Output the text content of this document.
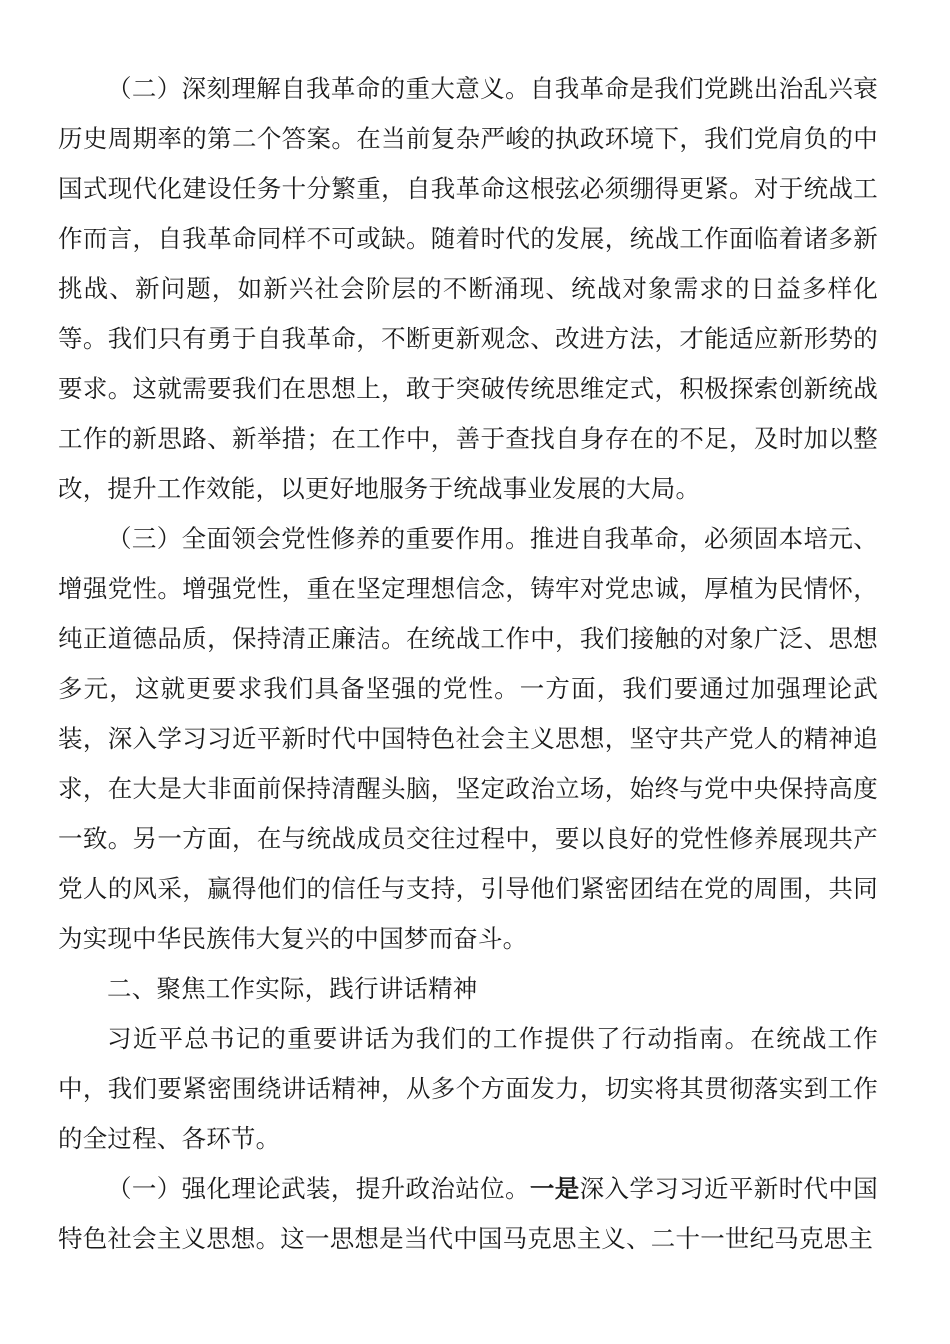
（二）深刻理解自我革命的重大意义。自我革命是我们党跳出治乱兴衰历史周期率的第二个答案。在当前复杂严峻的执政环境下，我们党肩负的中国式现代化建设任务十分繁重，自我革命这根弦必须绷得更紧。对于统战工作而言，自我革命同样不可或缺。随着时代的发展，统战工作面临着诸多新挑战、新问题，如新兴社会阶层的不断涌现、统战对象需求的日益多样化等。我们只有勇于自我革命，不断更新观念、改进方法，才能适应新形势的要求。这就需要我们在思想上，敢于突破传统思维定式，积极探索创新统战工作的新思路、新举措；在工作中，善于查找自身存在的不足，及时加以整改，提升工作效能，以更好地服务于统战事业发展的大局。

（三）全面领会党性修养的重要作用。推进自我革命，必须固本培元、增强党性。增强党性，重在坚定理想信念，铸牢对党忠诚，厚植为民情怀，纯正道德品质，保持清正廉洁。在统战工作中，我们接触的对象广泛、思想多元，这就更要求我们具备坚强的党性。一方面，我们要通过加强理论武装，深入学习习近平新时代中国特色社会主义思想，坚守共产党人的精神追求，在大是大非面前保持清醒头脑，坚定政治立场，始终与党中央保持高度一致。另一方面，在与统战成员交往过程中，要以良好的党性修养展现共产党人的风采，赢得他们的信任与支持，引导他们紧密团结在党的周围，共同为实现中华民族伟大复兴的中国梦而奋斗。

二、聚焦工作实际，践行讲话精神

习近平总书记的重要讲话为我们的工作提供了行动指南。在统战工作中，我们要紧密围绕讲话精神，从多个方面发力，切实将其贯彻落实到工作的全过程、各环节。

（一）强化理论武装，提升政治站位。一是深入学习习近平新时代中国特色社会主义思想。这一思想是当代中国马克思主义、二十一世纪马克思主
